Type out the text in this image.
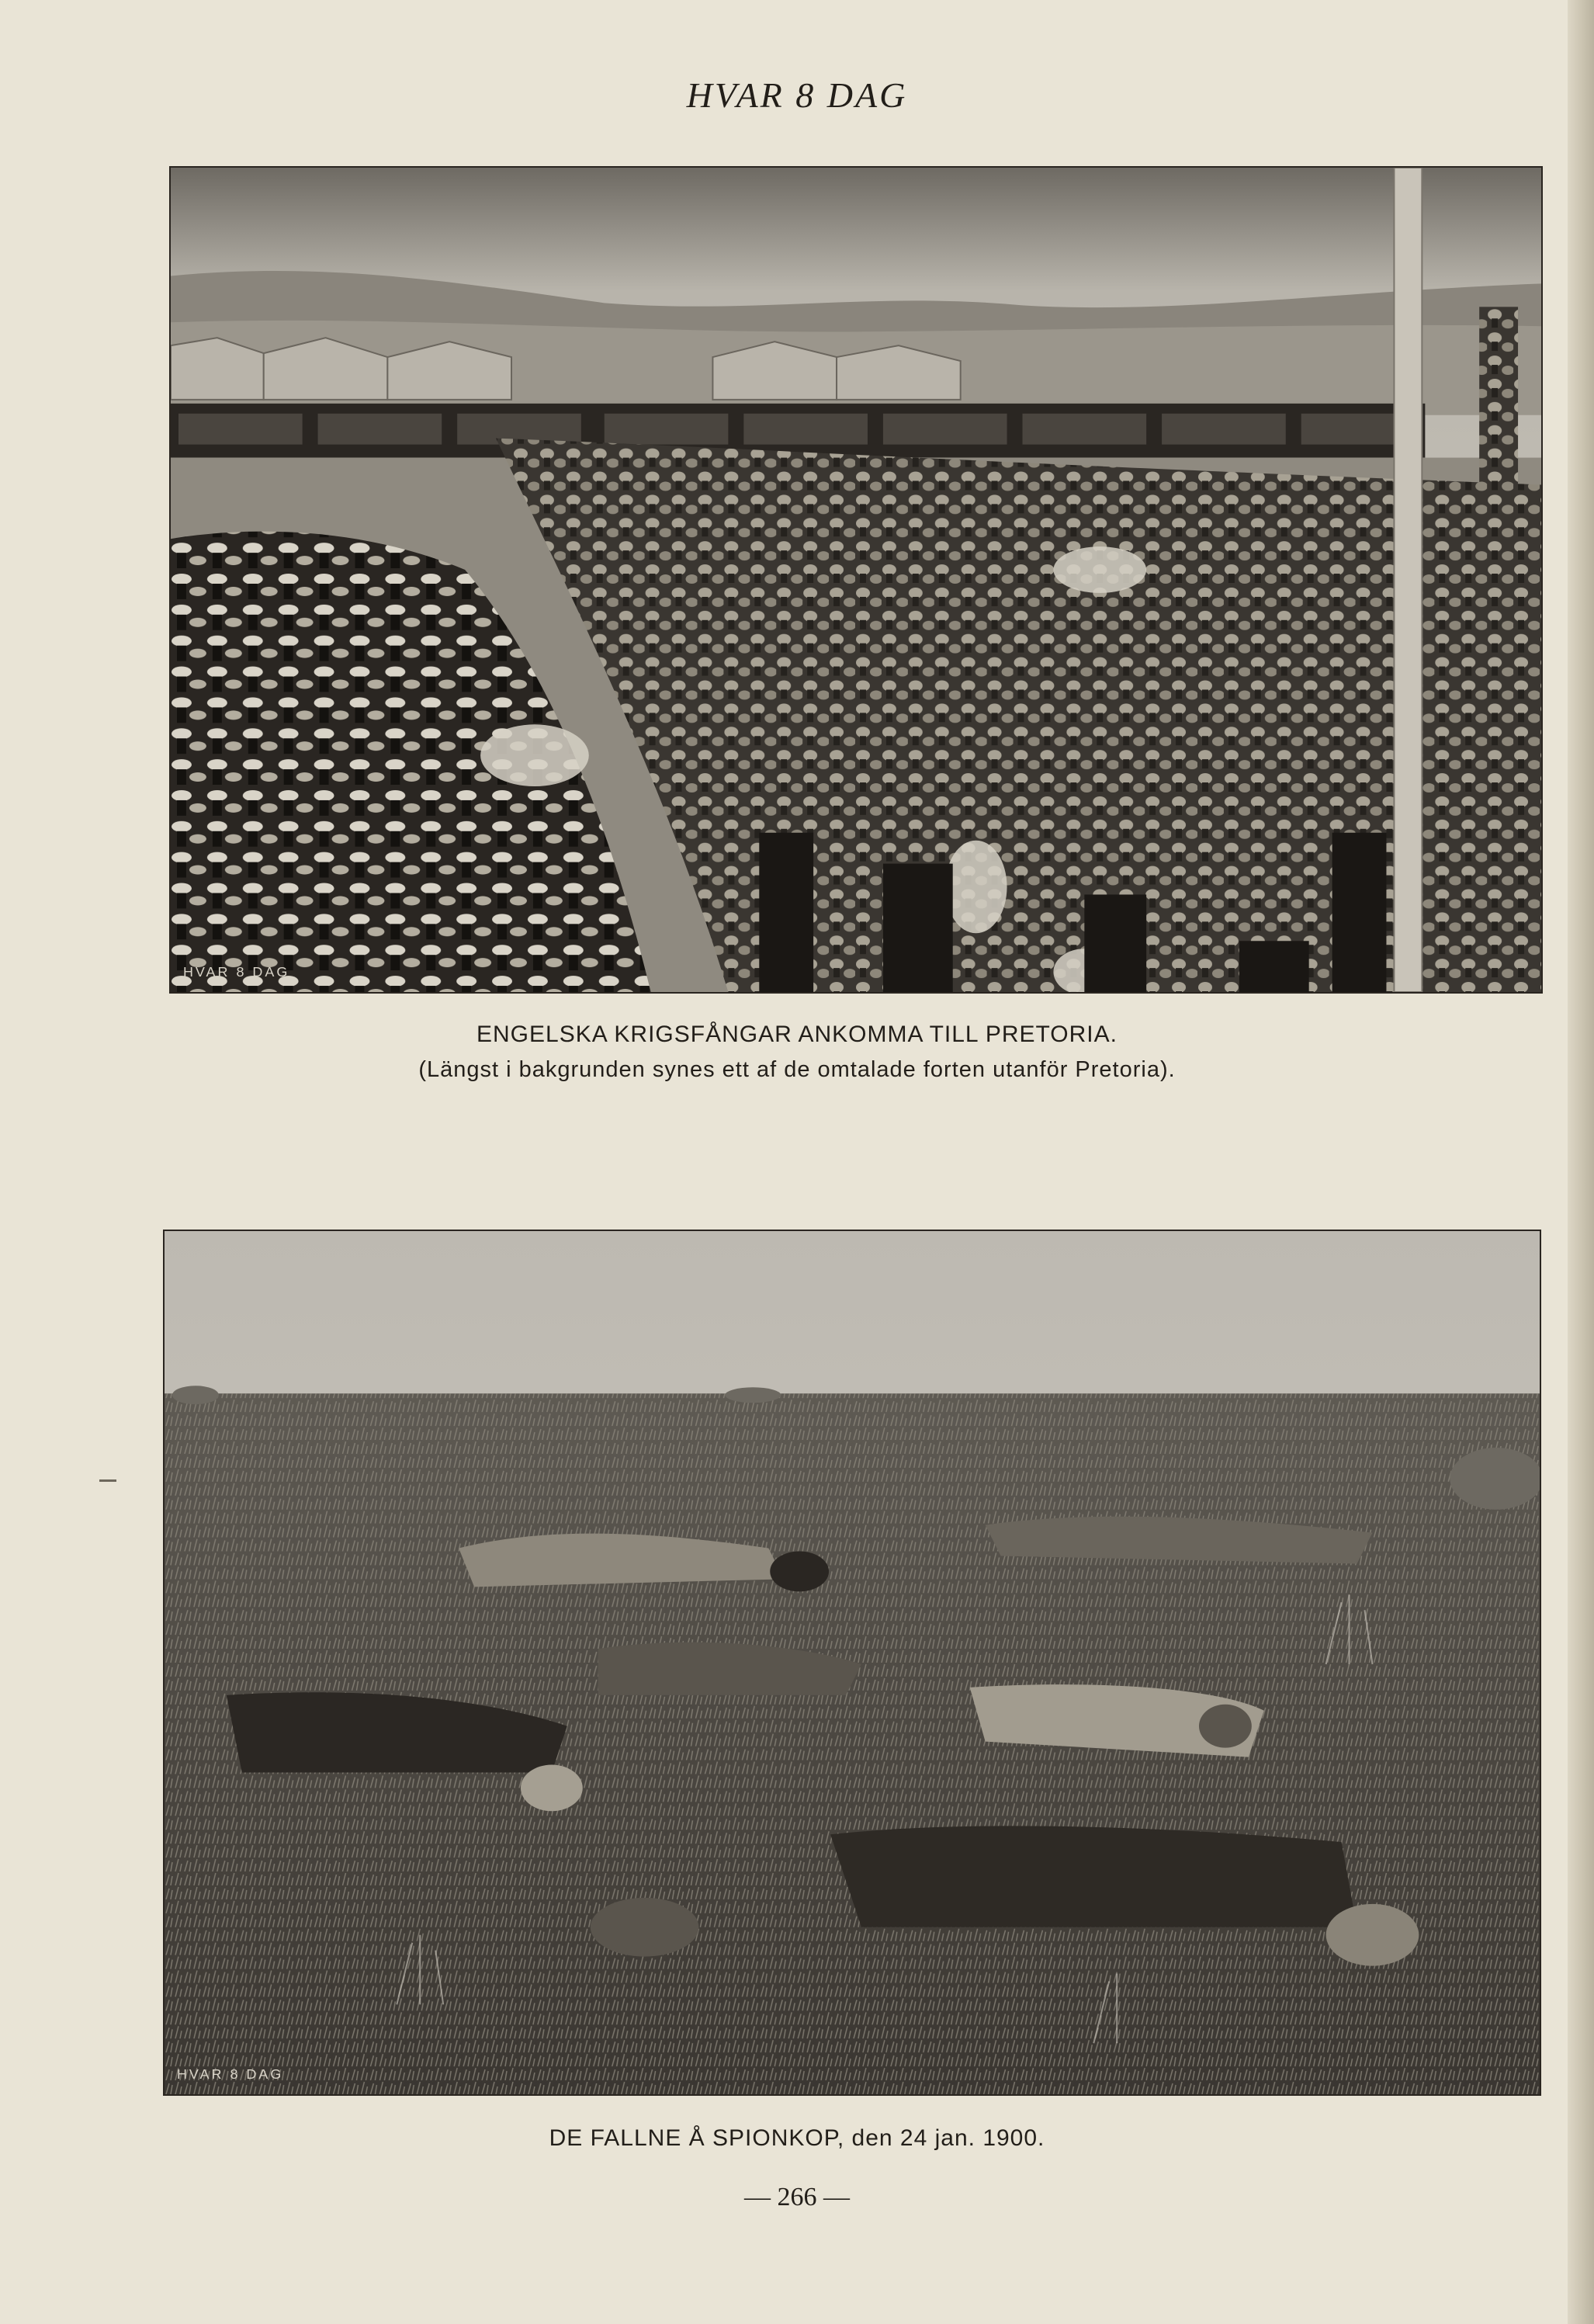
HVAR 8 DAG
HVAR 8 DAG
ENGELSKA KRIGSFÅNGAR ANKOMMA TILL PRETORIA.
(Längst i bakgrunden synes ett af de omtalade forten utanför Pretoria).
HVAR 8 DAG
DE FALLNE Å SPIONKOP, den 24 jan. 1900.
— 266 —
